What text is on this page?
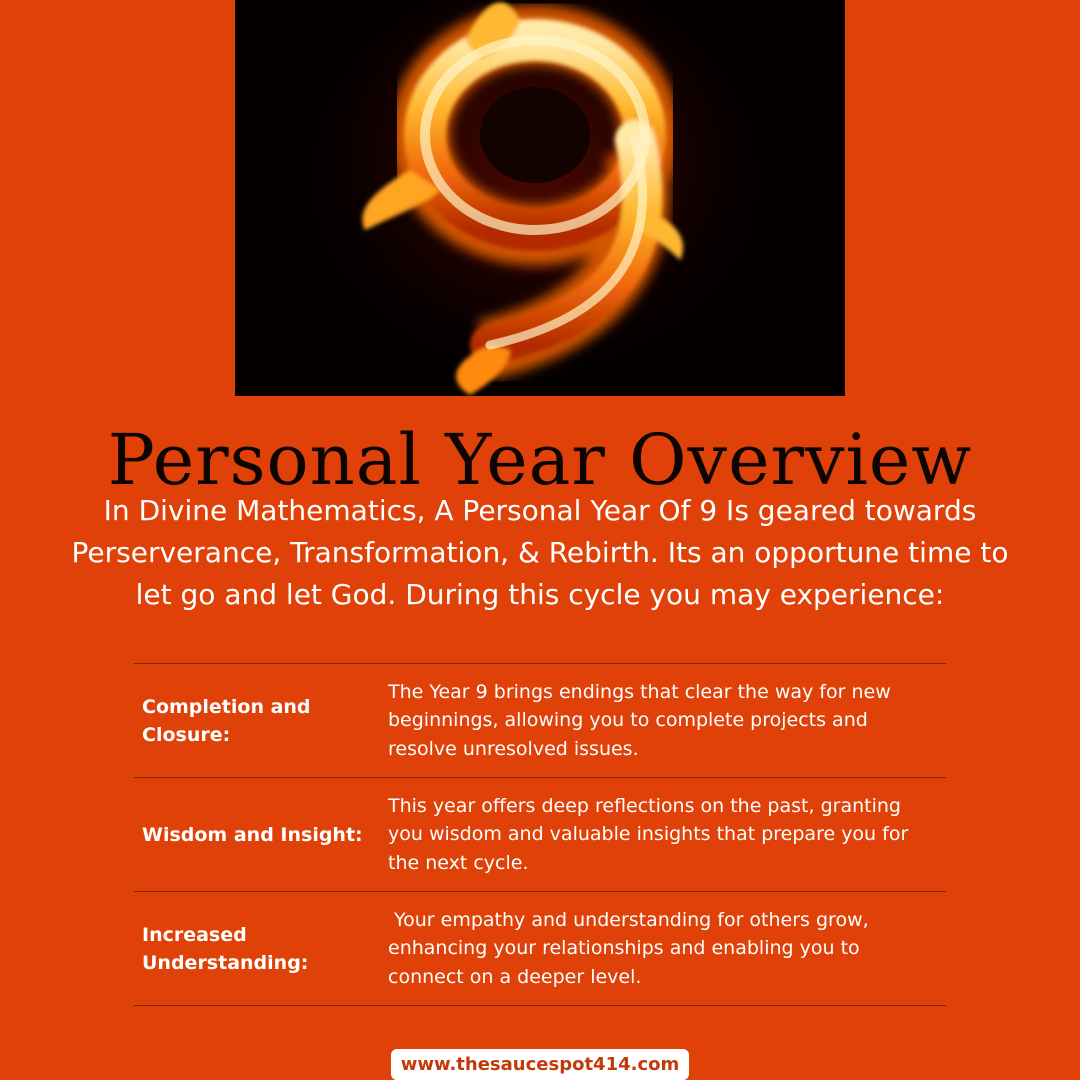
Personal Year Overview
In Divine Mathematics, A Personal Year Of 9 Is geared towards Perserverance, Transformation, & Rebirth. Its an opportune time to let go and let God. During this cycle you may experience:
Completion and Closure:
The Year 9 brings endings that clear the way for new beginnings, allowing you to complete projects and resolve unresolved issues.
Wisdom and Insight:
This year offers deep reflections on the past, granting you wisdom and valuable insights that prepare you for the next cycle.
Increased Understanding:
Your empathy and understanding for others grow, enhancing your relationships and enabling you to connect on a deeper level.
www.thesaucespot414.com
